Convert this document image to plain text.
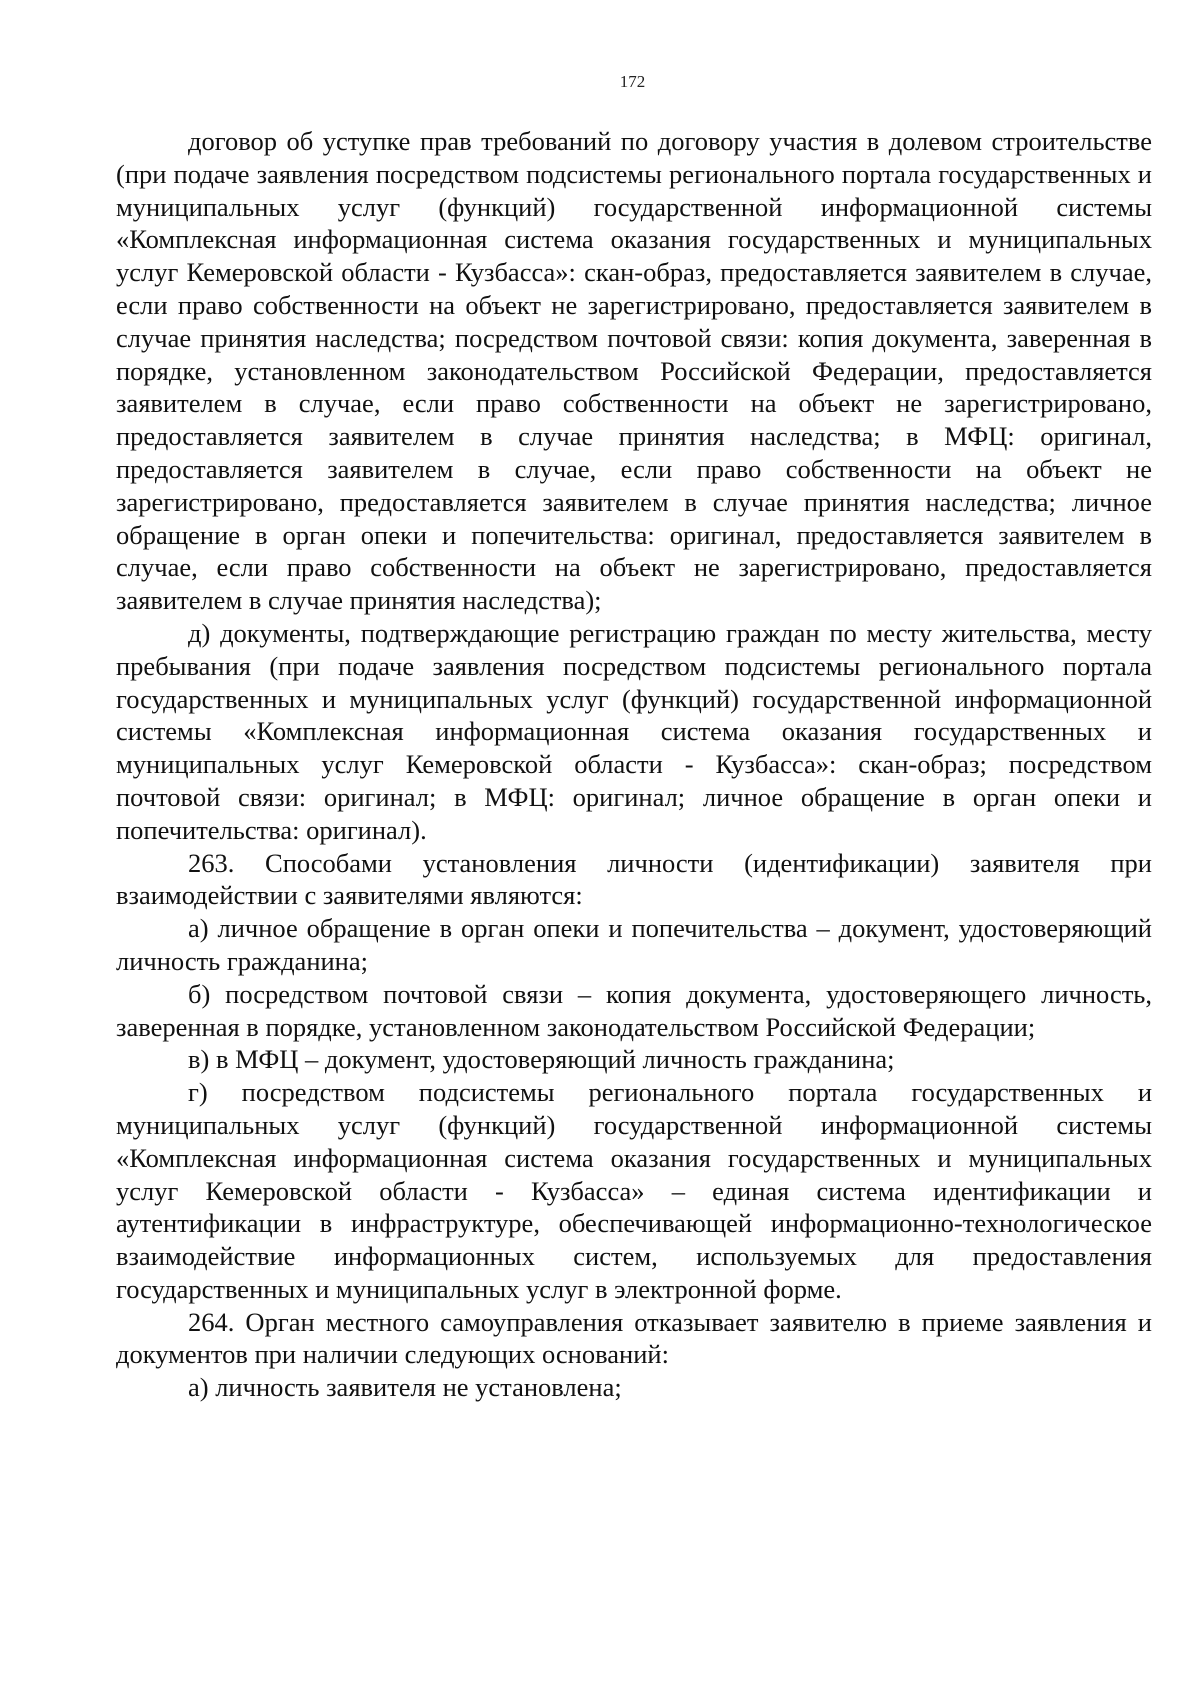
172

договор об уступке прав требований по договору участия в долевом строительстве (при подаче заявления посредством подсистемы регионального портала государственных и муниципальных услуг (функций) государственной информационной системы «Комплексная информационная система оказания государственных и муниципальных услуг Кемеровской области - Кузбасса»: скан-образ, предоставляется заявителем в случае, если право собственности на объект не зарегистрировано, предоставляется заявителем в случае принятия наследства; посредством почтовой связи: копия документа, заверенная в порядке, установленном законодательством Российской Федерации, предоставляется заявителем в случае, если право собственности на объект не зарегистрировано, предоставляется заявителем в случае принятия наследства; в МФЦ: оригинал, предоставляется заявителем в случае, если право собственности на объект не зарегистрировано, предоставляется заявителем в случае принятия наследства; личное обращение в орган опеки и попечительства: оригинал, предоставляется заявителем в случае, если право собственности на объект не зарегистрировано, предоставляется заявителем в случае принятия наследства);

д) документы, подтверждающие регистрацию граждан по месту жительства, месту пребывания (при подаче заявления посредством подсистемы регионального портала государственных и муниципальных услуг (функций) государственной информационной системы «Комплексная информационная система оказания государственных и муниципальных услуг Кемеровской области - Кузбасса»: скан-образ; посредством почтовой связи: оригинал; в МФЦ: оригинал; личное обращение в орган опеки и попечительства: оригинал).

263. Способами установления личности (идентификации) заявителя при взаимодействии с заявителями являются:

а) личное обращение в орган опеки и попечительства – документ, удостоверяющий личность гражданина;

б) посредством почтовой связи – копия документа, удостоверяющего личность, заверенная в порядке, установленном законодательством Российской Федерации;

в) в МФЦ – документ, удостоверяющий личность гражданина;

г) посредством подсистемы регионального портала государственных и муниципальных услуг (функций) государственной информационной системы «Комплексная информационная система оказания государственных и муниципальных услуг Кемеровской области - Кузбасса» – единая система идентификации и аутентификации в инфраструктуре, обеспечивающей информационно-технологическое взаимодействие информационных систем, используемых для предоставления государственных и муниципальных услуг в электронной форме.

264. Орган местного самоуправления отказывает заявителю в приеме заявления и документов при наличии следующих оснований:

а) личность заявителя не установлена;
